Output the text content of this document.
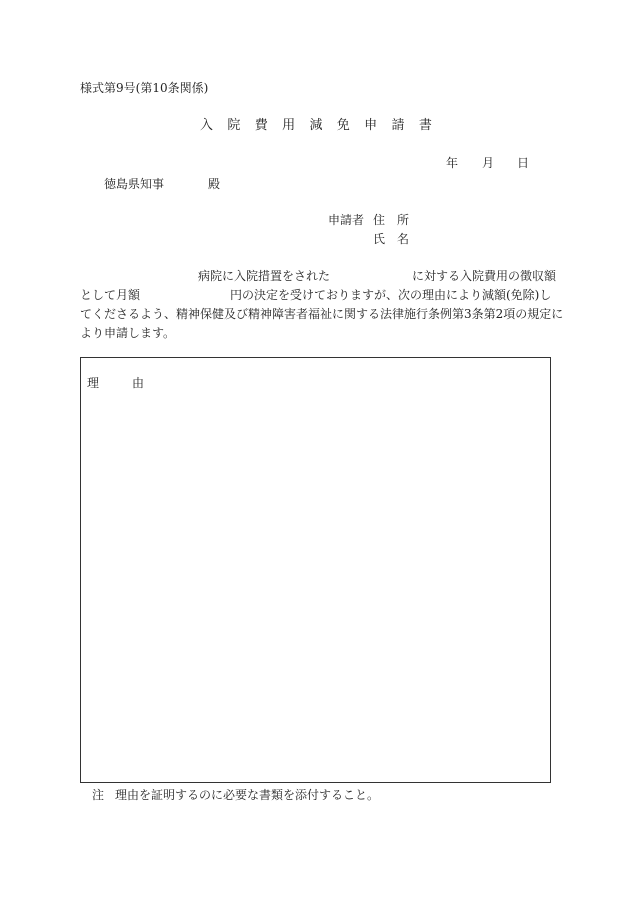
様式第9号(第10条関係)
入 院 費 用 減 免 申 請 書
年 月 日
徳島県知事	殿
申請者 住　所
氏　名
病院に入院措置をされた	に対する入院費用の徴収額
として月額	円の決定を受けておりますが、次の理由により減額(免除)し
てくださるよう、精神保健及び精神障害者福祉に関する法律施行条例第3条第2項の規定に
より申請します。
理	由
注 理由を証明するのに必要な書類を添付すること。
